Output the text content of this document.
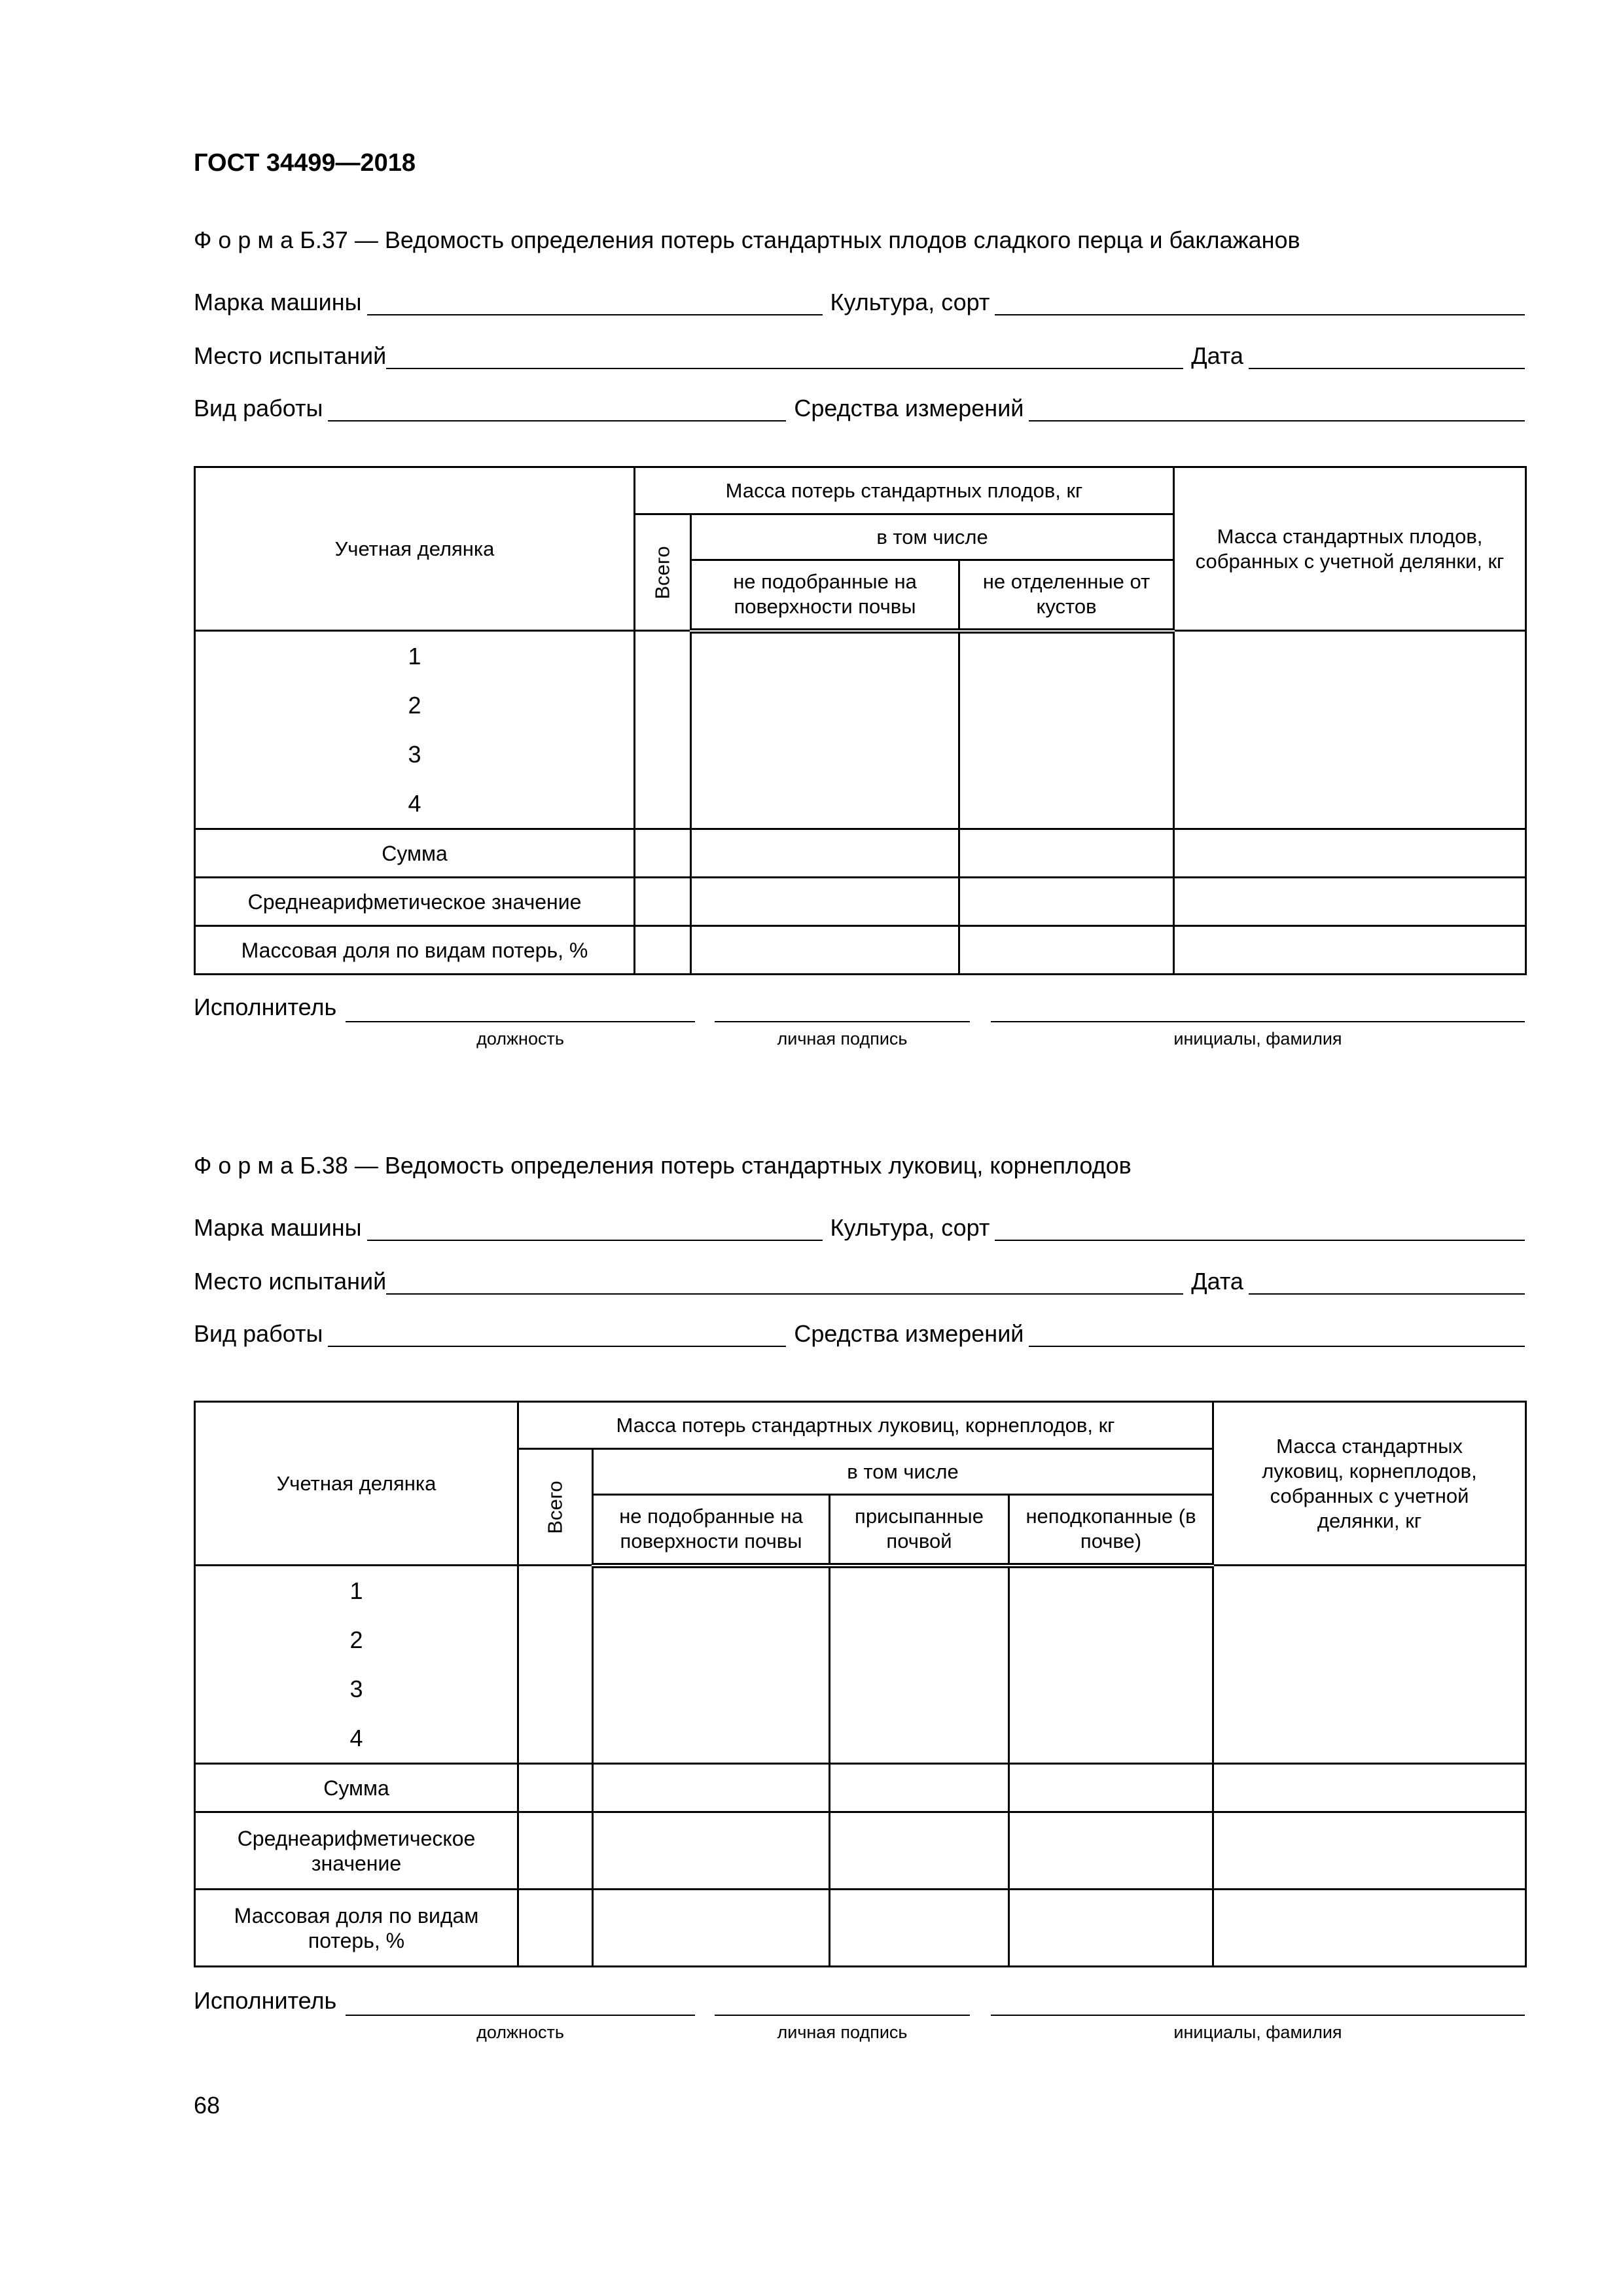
ГОСТ 34499—2018
Ф о р м а Б.37 — Ведомость определения потерь стандартных плодов сладкого перца и баклажанов
Марка машины	Культура, сорт
Место испытаний	Дата
Вид работы	Средства измерений
Учетная делянка	Масса потерь стандартных плодов, кг			Масса стандартных плодов, собранных с учетной делянки, кг
	Всего	в том числе		
		не подобранные на поверхности почвы	не отделенные от кустов	

1
2
3
4				

Сумма				
Среднеарифметическое значение				
Массовая доля по видам потерь, %				
Исполнитель
должность	личная подпись	инициалы, фамилия
Ф о р м а Б.38 — Ведомость определения потерь стандартных луковиц, корнеплодов
Марка машины	Культура, сорт
Место испытаний	Дата
Вид работы	Средства измерений
Учетная делянка	Масса потерь стандартных луковиц, корнеплодов, кг				Масса стандартных луковиц, корнеплодов, собранных с учетной делянки, кг
	Всего	в том числе			
		не подобранные на поверхности почвы	присыпанные почвой	неподкопанные (в почве)	

1
2
3
4					

Сумма					
Среднеарифметическое значение					
Массовая доля по видам потерь, %					
Исполнитель
должность	личная подпись	инициалы, фамилия
68
